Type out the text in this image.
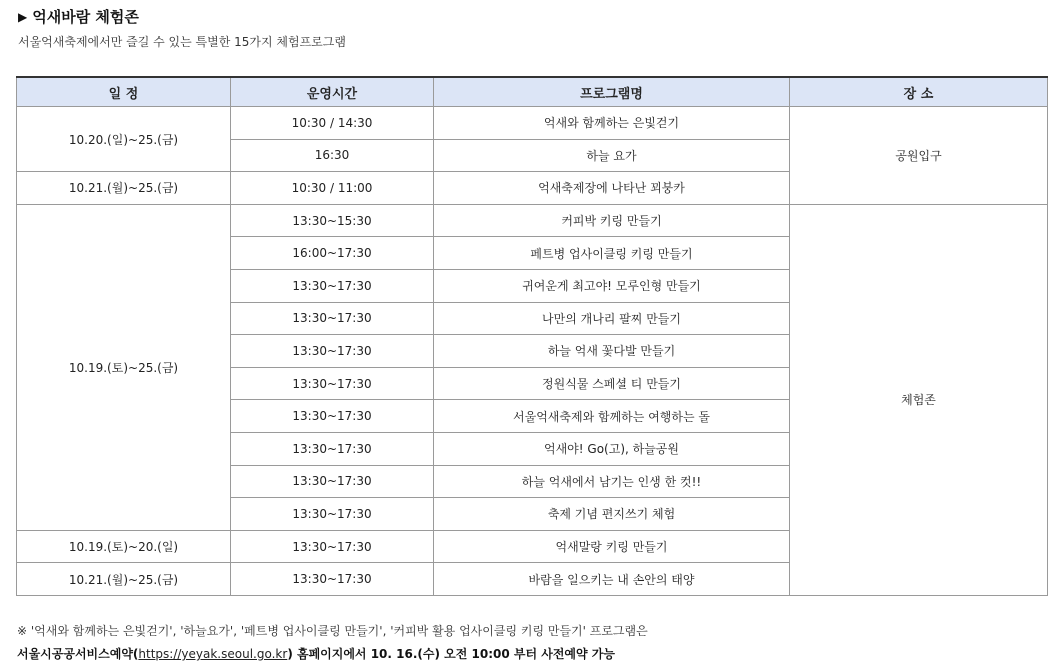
▶ 억새바람 체험존
서울억새축제에서만 즐길 수 있는 특별한 15가지 체험프로그램
일 정	운영시간	프로그램명	장 소
10.20.(일)~25.(금)	10:30 / 14:30	억새와 함께하는 은빛걷기	공원입구
	16:30	하늘 요가	
10.21.(월)~25.(금)	10:30 / 11:00	억새축제장에 나타난 꾀붕카	
10.19.(토)~25.(금)	13:30~15:30	커피박 키링 만들기	체험존
	16:00~17:30	페트병 업사이클링 키링 만들기	
	13:30~17:30	귀여운게 최고야! 모루인형 만들기	
	13:30~17:30	나만의 개나리 팔찌 만들기	
	13:30~17:30	하늘 억새 꽃다발 만들기	
	13:30~17:30	정원식물 스페셜 티 만들기	
	13:30~17:30	서울억새축제와 함께하는 여행하는 돌	
	13:30~17:30	억새야! Go(고), 하늘공원	
	13:30~17:30	하늘 억새에서 남기는 인생 한 컷!!	
	13:30~17:30	축제 기념 편지쓰기 체험	
10.19.(토)~20.(일)	13:30~17:30	억새말랑 키링 만들기	
10.21.(월)~25.(금)	13:30~17:30	바람을 일으키는 내 손안의 태양	
※ '억새와 함께하는 은빛걷기', '하늘요가', '페트병 업사이클링 만들기', '커피박 활용 업사이클링 키링 만들기' 프로그램은
서울시공공서비스예약(https://yeyak.seoul.go.kr) 홈페이지에서 10. 16.(수) 오전 10:00 부터 사전예약 가능
